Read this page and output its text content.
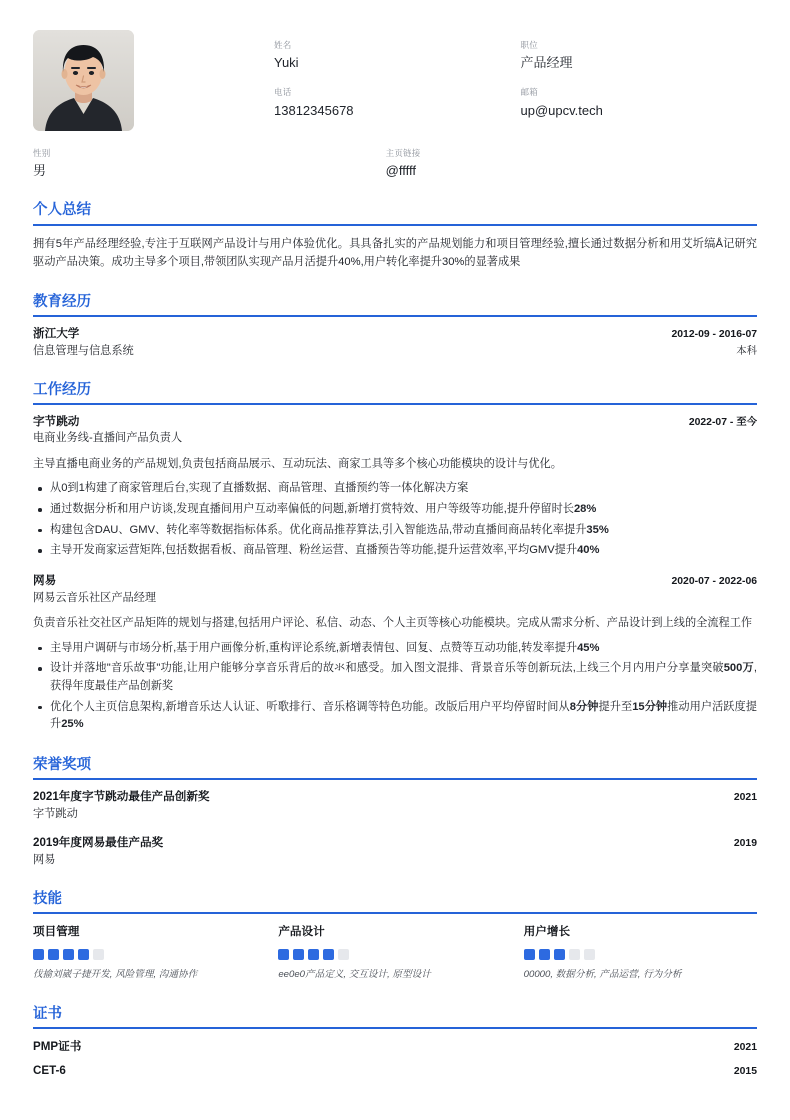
姓名
Yuki
职位
产品经理
电话
13812345678
邮箱
up@upcv.tech
性别
男
主页链接
@fffff
个人总结
拥有5年产品经理经验,专注于互联网产品设计与用户体验优化。具具备扎实的产品规划能力和项目管理经验,擅长通过数据分析和用艾圻缟Å记研究驱动产品决策。成功主导多个项目,带领团队实现产品月活提升40%,用户转化率提升30%的显著成果
教育经历
浙江大学	2012-09 - 2016-07
信息管理与信息系统	本科
工作经历
字节跳动	2022-07 - 至今
电商业务线-直播间产品负责人
主导直播电商业务的产品规划,负责包括商品展示、互动玩法、商家工具等多个核心功能模块的设计与优化。
从0到1构建了商家管理后台,实现了直播数据、商品管理、直播预约等一体化解决方案
通过数据分析和用户访谈,发现直播间用户互动率偏低的问题,新增打赏特效、用户等级等功能,提升停留时长28%
构建包含DAU、GMV、转化率等数据指标体系。优化商品推荐算法,引入智能选品,带动直播间商品转化率提升35%
主导开发商家运营矩阵,包括数据看板、商品管理、粉丝运营、直播预告等功能,提升运营效率,平均GMV提升40%
网易	2020-07 - 2022-06
网易云音乐社区产品经理
负责音乐社交社区产品矩阵的规划与搭建,包括用户评论、私信、动态、个人主页等核心功能模块。完成从需求分析、产品设计到上线的全流程工作
主导用户调研与市场分析,基于用户画像分析,重构评论系统,新增表情包、回复、点赞等互动功能,转发率提升45%
设计并落地"音乐故事"功能,让用户能够分享音乐背后的故氺和感受。加入图文混排、背景音乐等创新玩法,上线三个月内用户分享量突破500万,获得年度最佳产品创新奖
优化个人主页信息架构,新增音乐达人认证、听歌排行、音乐格调等特色功能。改版后用户平均停留时间从8分钟提升至15分钟推动用户活跃度提升25%
荣誉奖项
2021年度字节跳动最佳产品创新奖	2021
字节跳动
2019年度网易最佳产品奖	2019
网易
技能
项目管理
伐揄刘崴子捷开发, 风险管理, 沟通协作
产品设计
ee0e0产品定义, 交互设计, 原型设计
用户增长
00000, 数据分析, 产品运营, 行为分析
证书
PMP证书	2021
CET-6	2015
